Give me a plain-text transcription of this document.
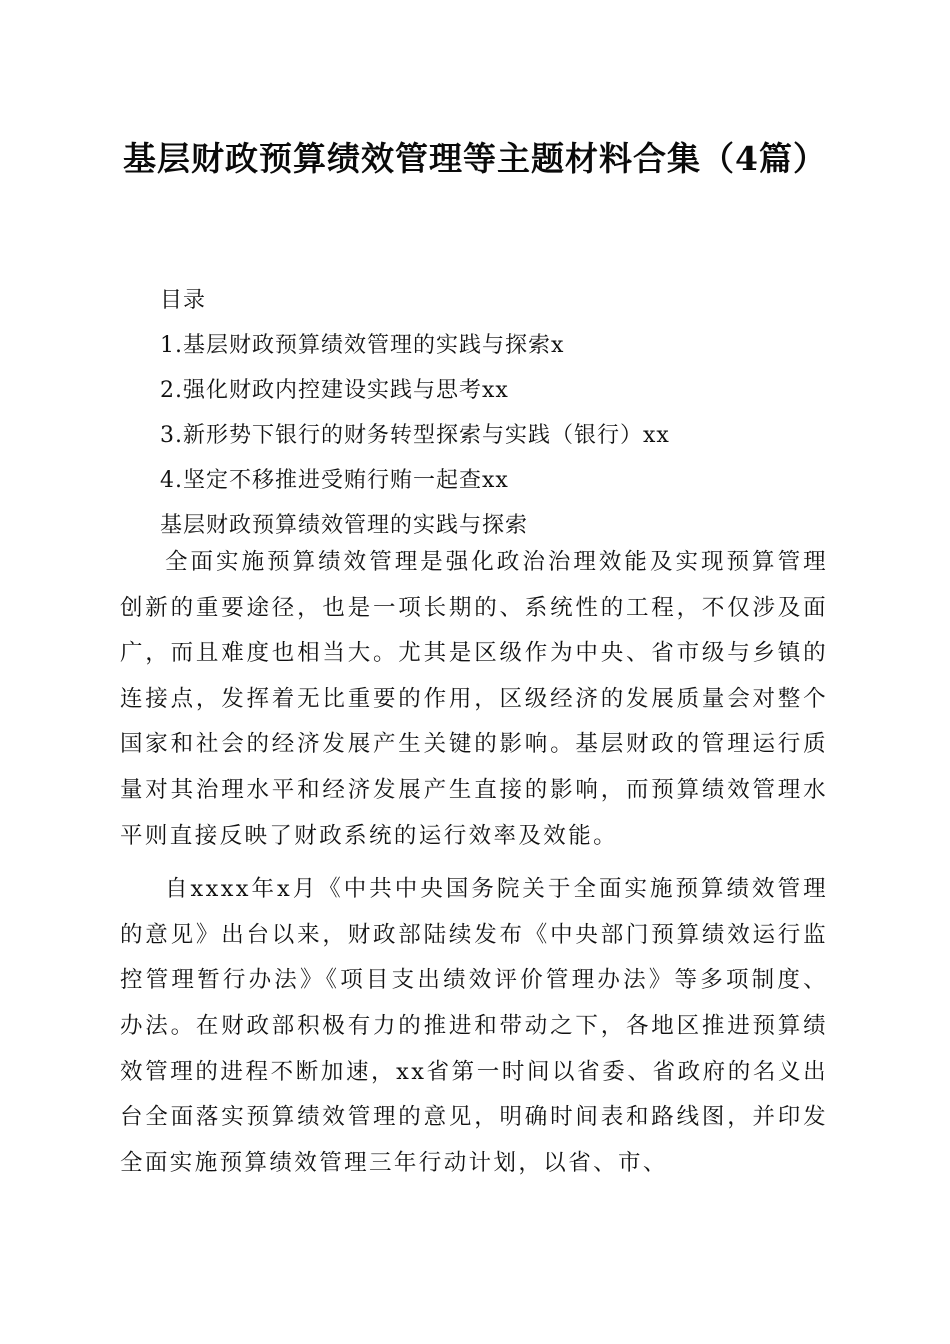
基层财政预算绩效管理等主题材料合集（4篇）
目录
1.基层财政预算绩效管理的实践与探索x
2.强化财政内控建设实践与思考xx
3.新形势下银行的财务转型探索与实践（银行）xx
4.坚定不移推进受贿行贿一起查xx
基层财政预算绩效管理的实践与探索

全面实施预算绩效管理是强化政治治理效能及实现预算管理创新的重要途径，也是一项长期的、系统性的工程，不仅涉及面广，而且难度也相当大。尤其是区级作为中央、省市级与乡镇的连接点，发挥着无比重要的作用，区级经济的发展质量会对整个国家和社会的经济发展产生关键的影响。基层财政的管理运行质量对其治理水平和经济发展产生直接的影响，而预算绩效管理水平则直接反映了财政系统的运行效率及效能。

自xxxx年x月《中共中央国务院关于全面实施预算绩效管理的意见》出台以来，财政部陆续发布《中央部门预算绩效运行监控管理暂行办法》《项目支出绩效评价管理办法》等多项制度、办法。在财政部积极有力的推进和带动之下，各地区推进预算绩效管理的进程不断加速，xx省第一时间以省委、省政府的名义出台全面落实预算绩效管理的意见，明确时间表和路线图，并印发全面实施预算绩效管理三年行动计划，以省、市、
